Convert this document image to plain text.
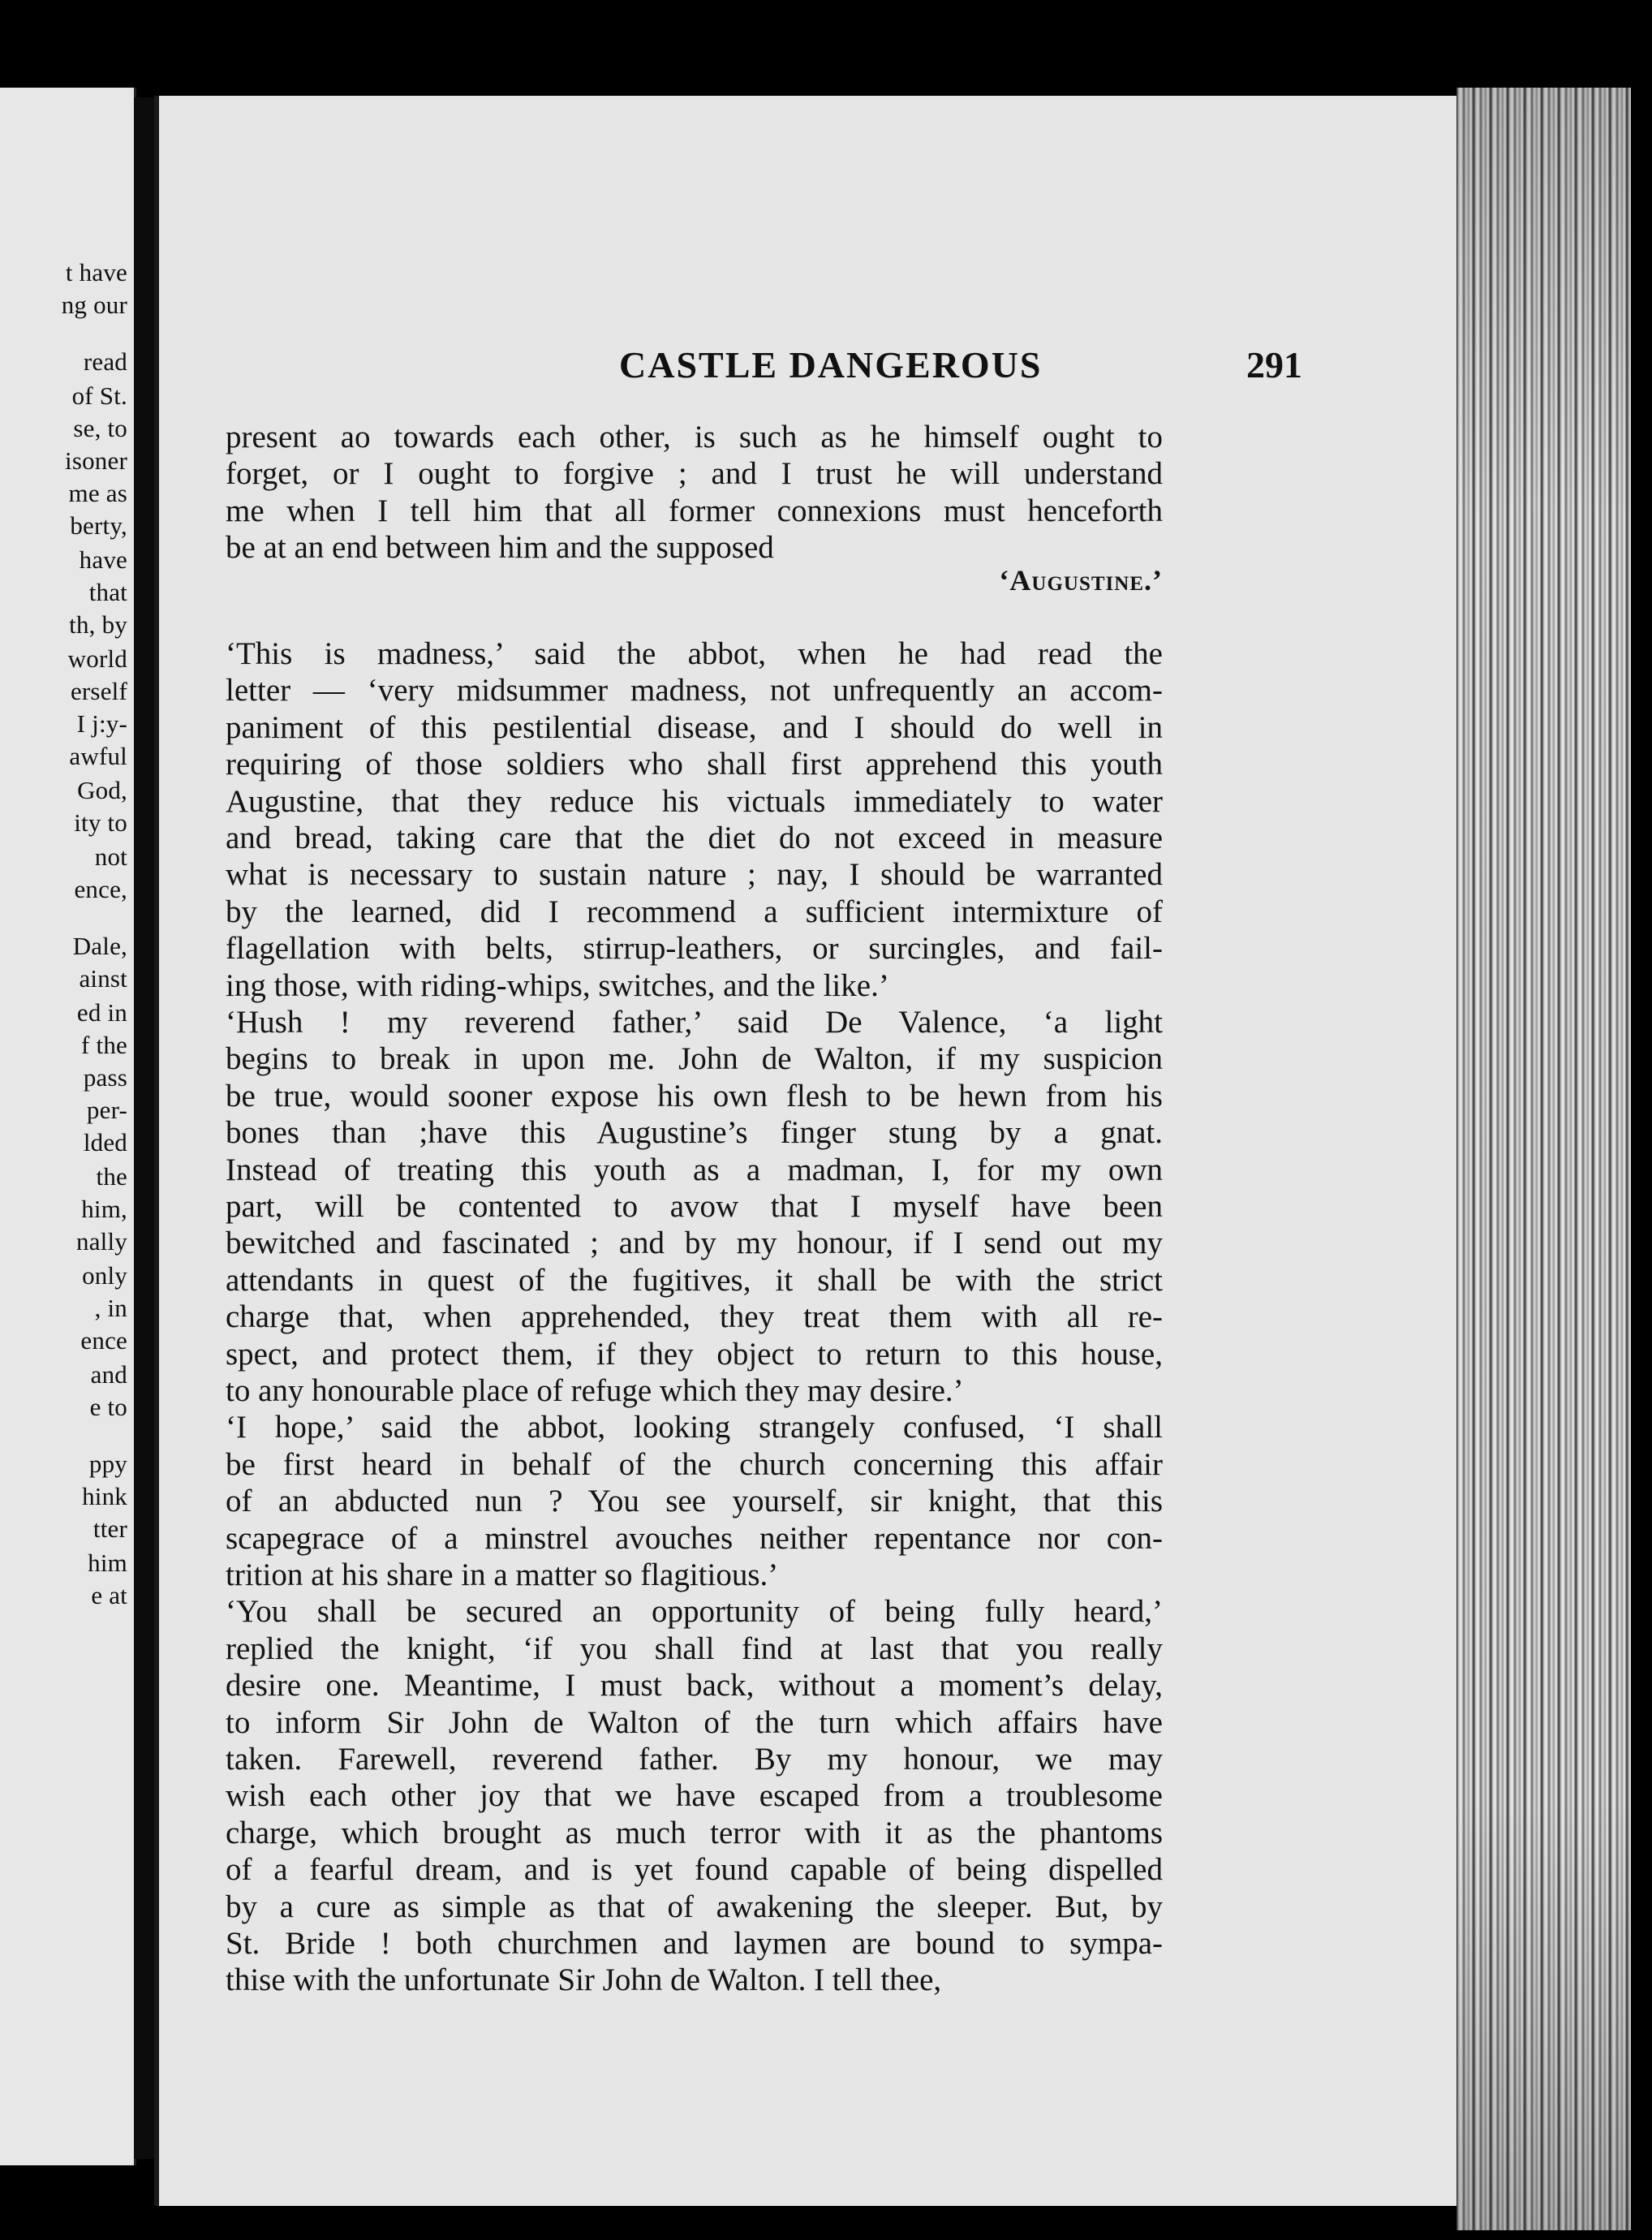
t have
ng our
read
of St.
se, to
isoner
me as
berty,
have
that
th, by
world
erself
I j:y-
awful
God,
ity to
not
ence,
Dale,
ainst
ed in
f the
pass
per-
lded
the
him,
nally
only
, in
ence
and
e to
ppy
hink
tter
him
e at
CASTLE DANGEROUS	291
present ao towards each other, is such as he himself ought to
forget, or I ought to forgive ; and I trust he will understand
me when I tell him that all former connexions must henceforth
be at an end between him and the supposed
‘Augustine.’
‘This is madness,’ said the abbot, when he had read the
letter — ‘very midsummer madness, not unfrequently an accom-
paniment of this pestilential disease, and I should do well in
requiring of those soldiers who shall first apprehend this youth
Augustine, that they reduce his victuals immediately to water
and bread, taking care that the diet do not exceed in measure
what is necessary to sustain nature ; nay, I should be warranted
by the learned, did I recommend a sufficient intermixture of
flagellation with belts, stirrup-leathers, or surcingles, and fail-
ing those, with riding-whips, switches, and the like.’
‘Hush ! my reverend father,’ said De Valence, ‘a light
begins to break in upon me. John de Walton, if my suspicion
be true, would sooner expose his own flesh to be hewn from his
bones than ;have this Augustine’s finger stung by a gnat.
Instead of treating this youth as a madman, I, for my own
part, will be contented to avow that I myself have been
bewitched and fascinated ; and by my honour, if I send out my
attendants in quest of the fugitives, it shall be with the strict
charge that, when apprehended, they treat them with all re-
spect, and protect them, if they object to return to this house,
to any honourable place of refuge which they may desire.’
‘I hope,’ said the abbot, looking strangely confused, ‘I shall
be first heard in behalf of the church concerning this affair
of an abducted nun ? You see yourself, sir knight, that this
scapegrace of a minstrel avouches neither repentance nor con-
trition at his share in a matter so flagitious.’
‘You shall be secured an opportunity of being fully heard,’
replied the knight, ‘if you shall find at last that you really
desire one. Meantime, I must back, without a moment’s delay,
to inform Sir John de Walton of the turn which affairs have
taken. Farewell, reverend father. By my honour, we may
wish each other joy that we have escaped from a troublesome
charge, which brought as much terror with it as the phantoms
of a fearful dream, and is yet found capable of being dispelled
by a cure as simple as that of awakening the sleeper. But, by
St. Bride ! both churchmen and laymen are bound to sympa-
thise with the unfortunate Sir John de Walton. I tell thee,
